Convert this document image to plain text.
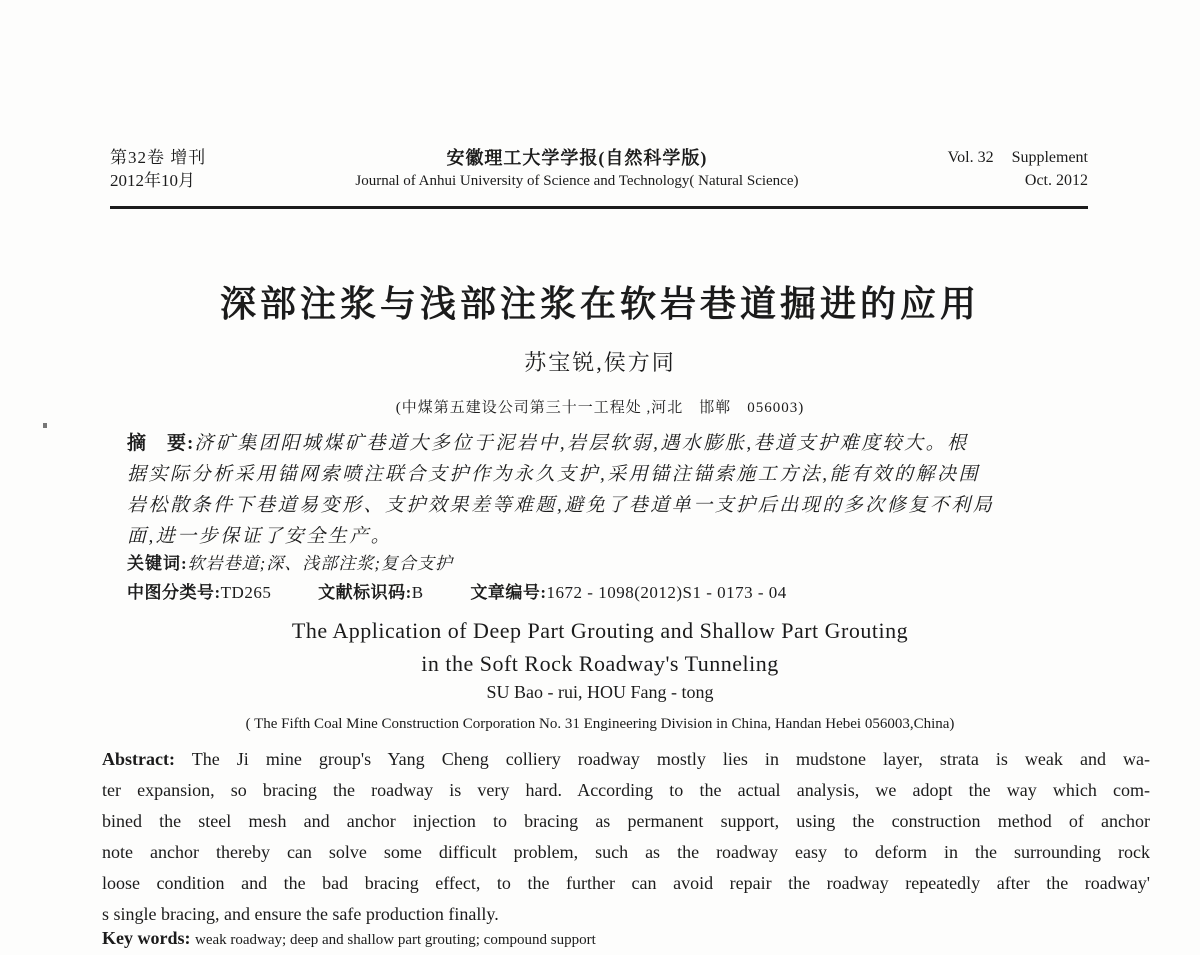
第32卷 增刊
2012年10月
安徽理工大学学报(自然科学版)
Journal of Anhui University of Science and Technology( Natural Science)
Vol. 32 Supplement
Oct. 2012
深部注浆与浅部注浆在软岩巷道掘进的应用
苏宝锐,侯方同
(中煤第五建设公司第三十一工程处 ,河北　邯郸　056003)
摘　要:济矿集团阳城煤矿巷道大多位于泥岩中,岩层软弱,遇水膨胀,巷道支护难度较大。根
据实际分析采用锚网索喷注联合支护作为永久支护,采用锚注锚索施工方法,能有效的解决围
岩松散条件下巷道易变形、支护效果差等难题,避免了巷道单一支护后出现的多次修复不利局
面,进一步保证了安全生产。
关键词:软岩巷道;深、浅部注浆;复合支护
中图分类号:TD265	文献标识码:B	文章编号:1672 - 1098(2012)S1 - 0173 - 04
The Application of Deep Part Grouting and Shallow Part Grouting
in the Soft Rock Roadway's Tunneling
SU Bao - rui, HOU Fang - tong
( The Fifth Coal Mine Construction Corporation No. 31 Engineering Division in China, Handan Hebei 056003,China)
Abstract: The Ji mine group's Yang Cheng colliery roadway mostly lies in mudstone layer, strata is weak and wa-
ter expansion, so bracing the roadway is very hard. According to the actual analysis, we adopt the way which com-
bined the steel mesh and anchor injection to bracing as permanent support, using the construction method of anchor
note anchor thereby can solve some difficult problem, such as the roadway easy to deform in the surrounding rock
loose condition and the bad bracing effect, to the further can avoid repair the roadway repeatedly after the roadway'
s single bracing, and ensure the safe production finally.
Key words: weak roadway; deep and shallow part grouting; compound support
